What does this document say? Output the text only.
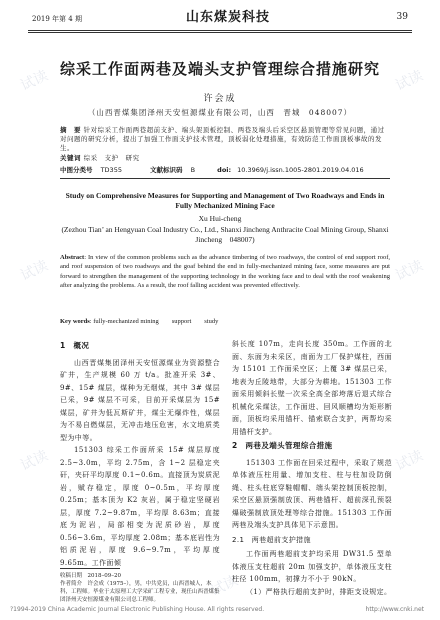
试读	试读
试读	试读
试读	试读
试读
2019 年第 4 期	山东煤炭科技	39
综采工作面两巷及端头支护管理综合措施研究
许会成
（山西晋煤集团泽州天安恒源煤业有限公司，山西　晋城　048007）
摘　要 针对综采工作面两巷超前支护、端头架顶板控制、两巷及端头后采空区悬顶管理等常见问题，通过对问题的研究分析，提出了加强工作面支护技术管理，顶板弱化处理措施，有效防范工作面顶板事故的发生。
关键词 综采　支护　研究
中图分类号 TD355	文献标识码 B	doi: 10.3969/j.issn.1005-2801.2019.04.016
Study on Comprehensive Measures for Supporting and Management of Two Roadways and Ends in Fully Mechanized Mining Face
Xu Hui-cheng
(Zezhou Tian’ an Hengyuan Coal Industry Co., Ltd., Shanxi Jincheng Anthracite Coal Mining Group, Shanxi　Jincheng　048007)
Abstract: In view of the common problems such as the advance timbering of two roadways, the control of end support roof, and roof suspension of two roadways and the goaf behind the end in fully-mechanized mining face, some measures are put forward to strengthen the management of the supporting technology in the working face and to deal with the roof weakening after analyzing the problems. As a result, the roof falling accident was prevented effectively.
Key words: fully-mechanized mining　　support　　study
1　概况

山西晋煤集团泽州天安恒源煤业为资源整合矿井，生产规模 60 万 t/a。批准开采 3#、9#、15# 煤层，煤种为无烟煤，其中 3# 煤层已采，9# 煤层不可采，目前开采煤层为 15# 煤层，矿井为低瓦斯矿井，煤尘无爆炸性，煤层为不易自燃煤层，无冲击地压危害，水文地质类型为中等。

151303 综采工作面所采 15# 煤层厚度 2.5~3.0m，平均 2.75m，含 1~2 层稳定夹矸，夹矸平均厚度 0.1~0.6m。直接顶为炭质泥岩，赋存稳定，厚度 0~0.5m，平均厚度 0.25m；基本顶为 K2 灰岩，属于稳定坚硬岩层，厚度 7.2~9.87m，平均厚 8.63m；直接底为泥岩，局部相变为泥质砂岩，厚度 0.56~3.6m，平均厚度 2.08m；基本底岩性为铝质泥岩，厚度 9.6~9.7m，平均厚度 9.65m。工作面倾

斜长度 107m，走向长度 350m。工作面的北面、东面为未采区，南面为工厂保护煤柱，西面为 15101 工作面采空区；上覆 3# 煤层已采，地表为丘陵地带，大部分为耕地。151303 工作面采用倾斜长壁一次采全高全部垮落后退式综合机械化采煤法，工作面进、回风顺槽均为矩形断面，顶板均采用锚杆、锚索联合支护，两帮均采用锚杆支护。

2　两巷及端头管理综合措施

151303 工作面在回采过程中，采取了规范单体液压柱用量、增加支柱、柱与柱加设防倒绳、柱头柱底穿鞋帽帽、端头架控制顶板控制，采空区悬顶强制放顶、两巷锚杆、超前深孔预裂爆破强制放顶处理等综合措施。151303 工作面两巷及端头支护具体见下示意图。

2.1　两巷超前支护措施

工作面两巷超前支护均采用 DW31.5 型单体液压支柱超前 20m 加强支护，单体液压支柱柱径 100mm，初撑力不小于 90kN。

（1）严格执行超前支护时，排距支设规定。

收稿日期　2018–09–20
作者简介　许会成（1975–），男，中共党员，山西晋城人，本科，工程师。毕业于太原理工大学采矿工程专业，现任山西晋煤集团泽州天安恒源煤业有限公司总工程师。
?1994-2019 China Academic Journal Electronic Publishing House. All rights reserved.	http://www.cnki.net
